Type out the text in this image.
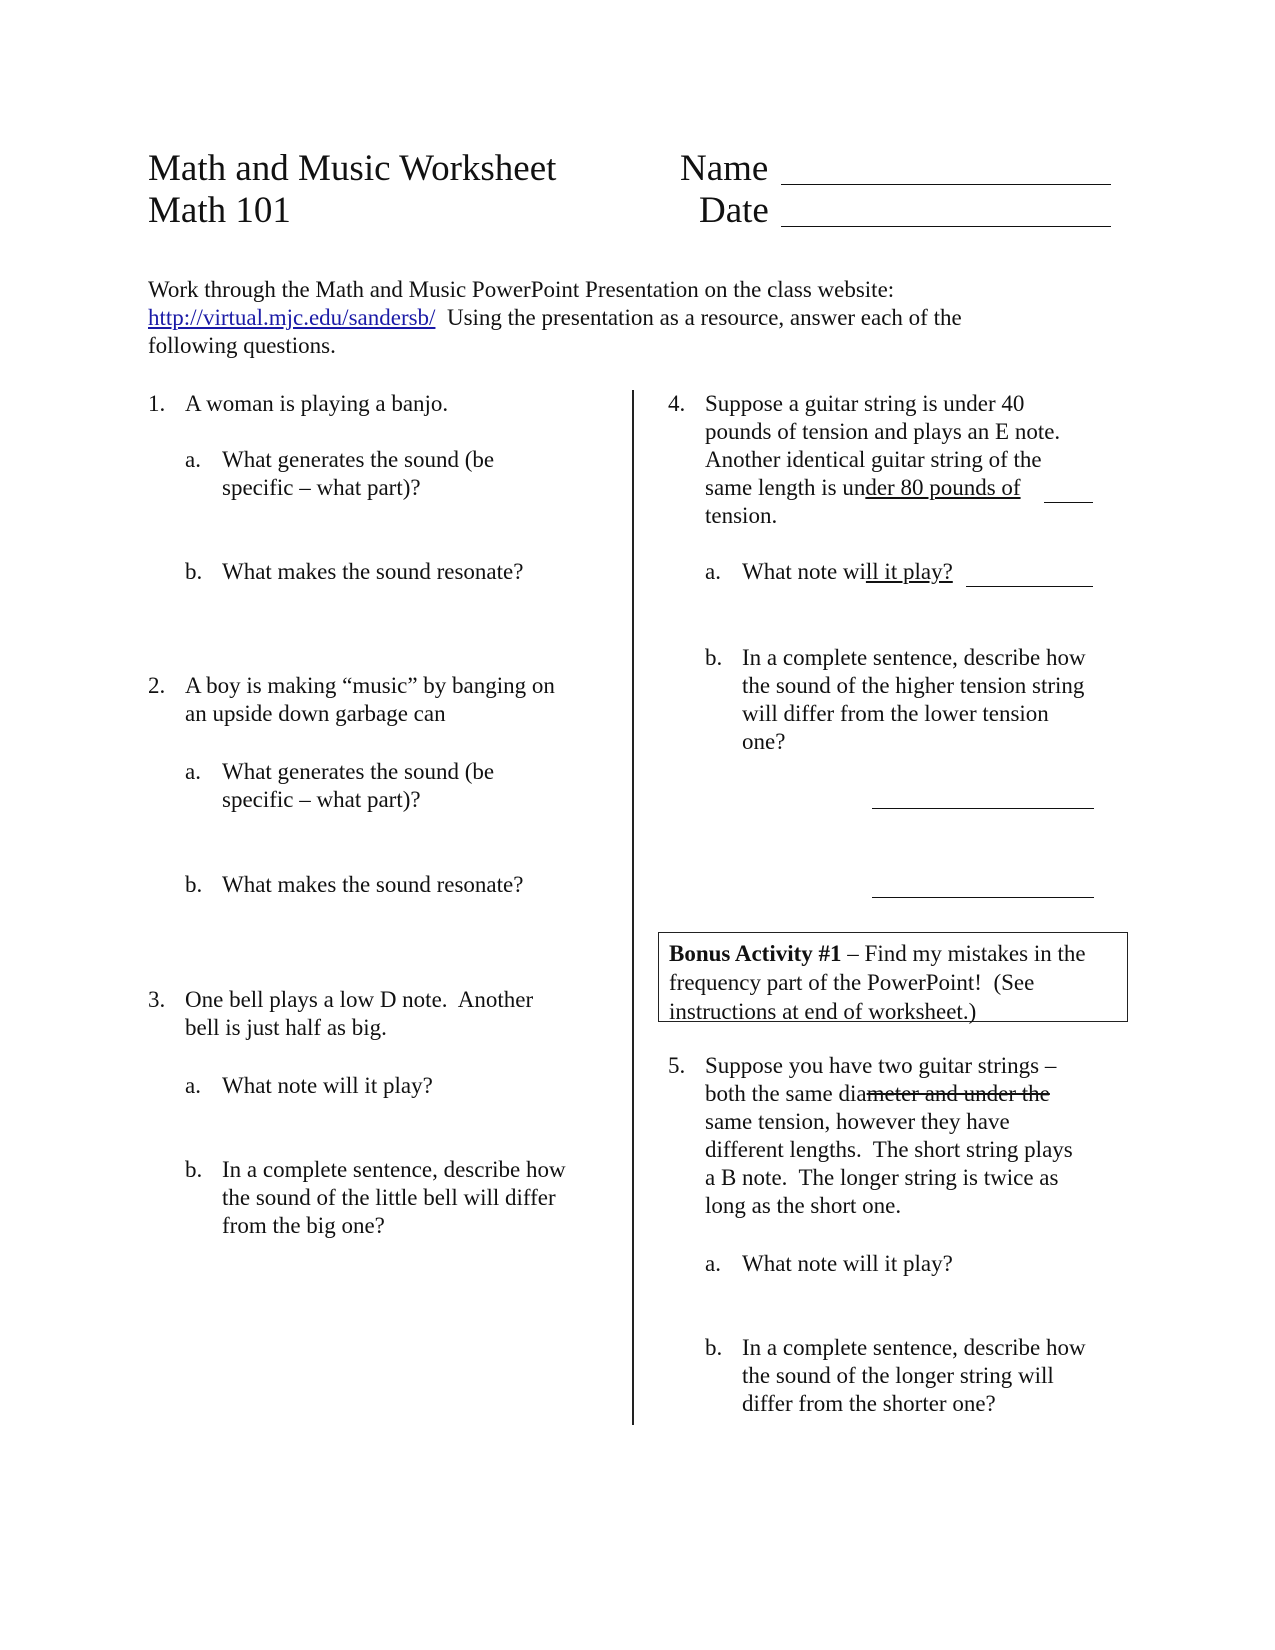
Math and Music Worksheet
Math 101
Name
Date
Work through the Math and Music PowerPoint Presentation on the class website:
http://virtual.mjc.edu/sandersb/  Using the presentation as a resource, answer each of the
following questions.
1. A woman is playing a banjo.
a. What generates the sound (be
specific – what part)?
b. What makes the sound resonate?
2. A boy is making “music” by banging on
an upside down garbage can
a. What generates the sound (be
specific – what part)?
b. What makes the sound resonate?
3. One bell plays a low D note.  Another
bell is just half as big.
a. What note will it play?
b. In a complete sentence, describe how
the sound of the little bell will differ
from the big one?
4. Suppose a guitar string is under 40
pounds of tension and plays an E note.
Another identical guitar string of the
same length is under 80 pounds of
tension.
a. What note will it play?
b. In a complete sentence, describe how
the sound of the higher tension string
will differ from the lower tension
one?
Bonus Activity #1 – Find my mistakes in the
frequency part of the PowerPoint!  (See
instructions at end of worksheet.)
5. Suppose you have two guitar strings –
both the same diameter and under the
same tension, however they have
different lengths.  The short string plays
a B note.  The longer string is twice as
long as the short one.
a. What note will it play?
b. In a complete sentence, describe how
the sound of the longer string will
differ from the shorter one?
